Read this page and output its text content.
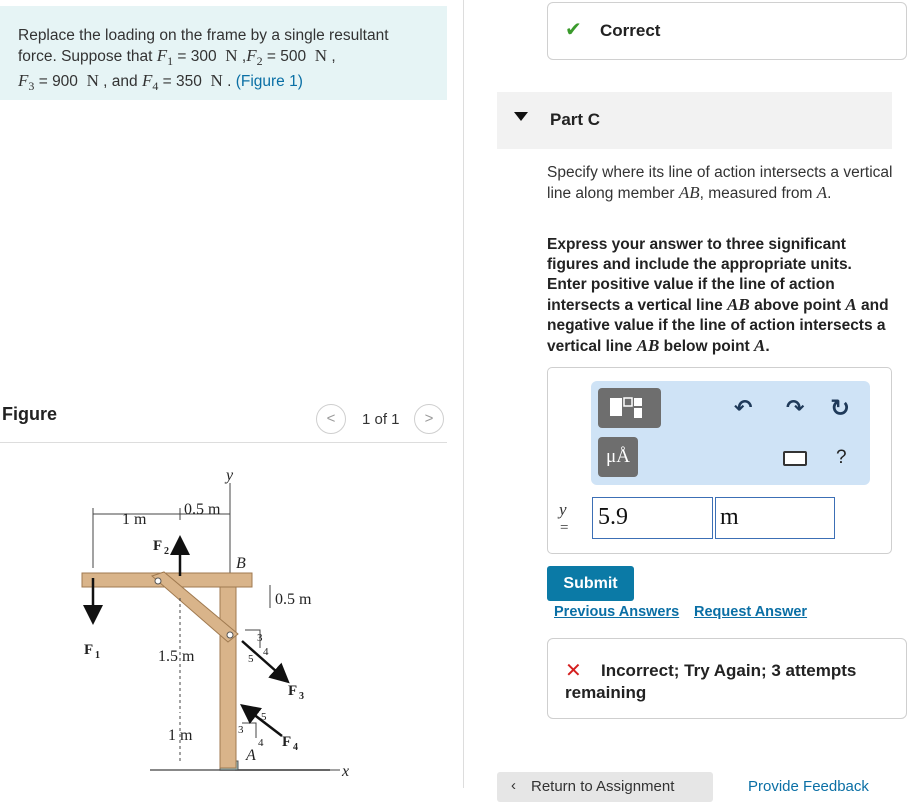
Replace the loading on the frame by a single resultant force. Suppose that $F_1 = 300$ N $,F_2 = 500$ N ,
$F_3 = 900$ N , and $F_4 = 350$ N . (Figure 1)
Figure	<	1 of 1	>
1 m
0.5 m
y
F 1
F 2
B
0.5 m
1.5 m
3
5
4
F 3
1 m	3
5
4 F 4
A
x
✔ Correct
Part C
Specify where its line of action intersects a vertical line along member AB, measured from A.
Express your answer to three significant figures and include the appropriate units. Enter positive value if the line of action intersects a vertical line AB above point A and negative value if the line of action intersects a vertical line AB below point A.
μÅ
↶ ↷ ↻
?
y
= 5.9	m
Submit
Previous Answers Request Answer
✕	Incorrect; Try Again; 3 attempts remaining
‹ Return to Assignment	Provide Feedback
